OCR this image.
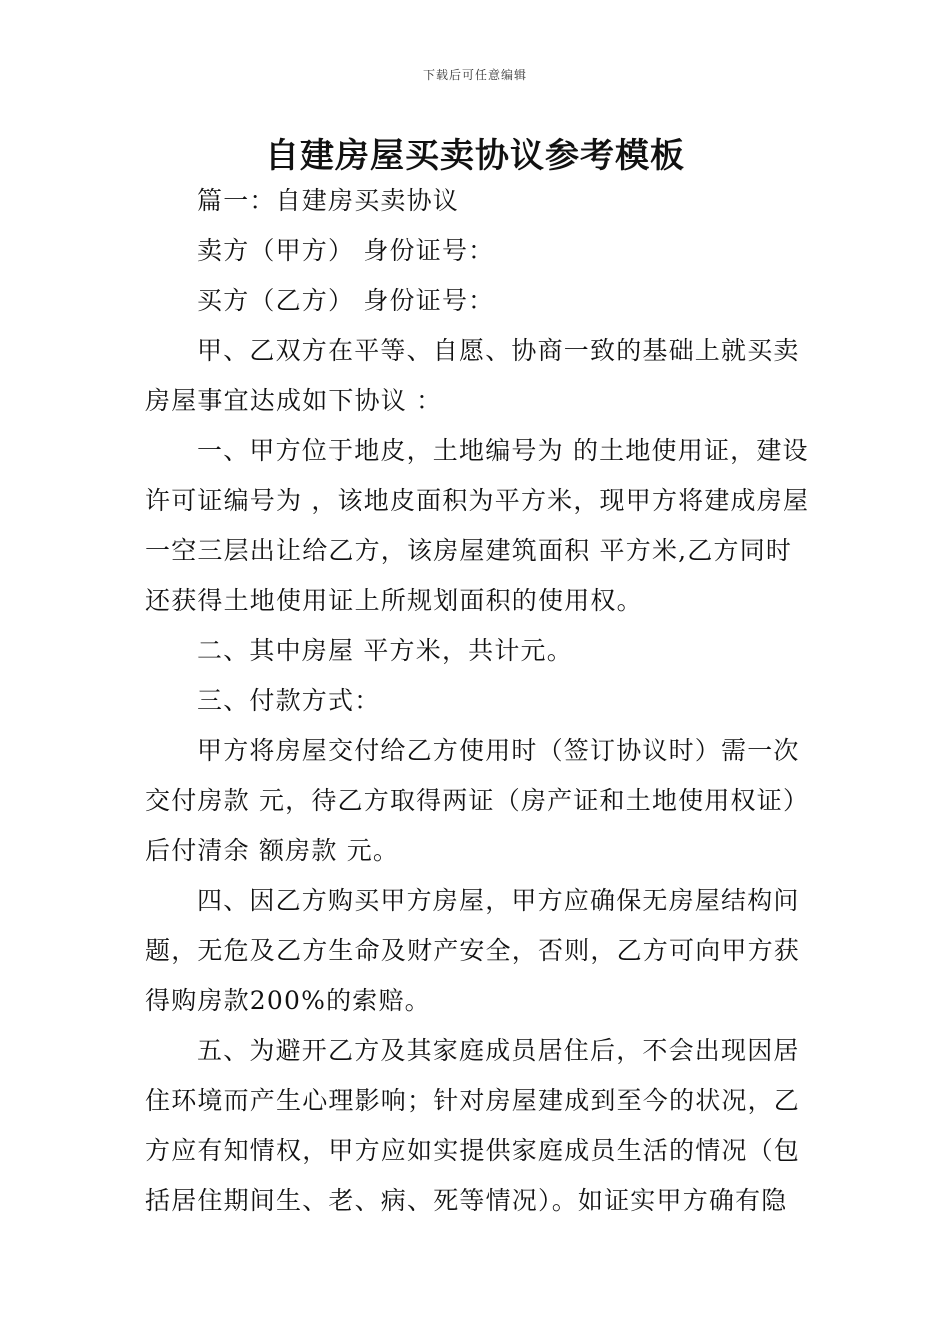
下载后可任意编辑
自建房屋买卖协议参考模板

篇一：自建房买卖协议

卖方（甲方） 身份证号：

买方（乙方） 身份证号：

甲、乙双方在平等、自愿、协商一致的基础上就买卖房屋事宜达成如下协议 ：

一、甲方位于地皮，土地编号为 的土地使用证，建设许可证编号为 ，该地皮面积为平方米，现甲方将建成房屋一空三层出让给乙方，该房屋建筑面积 平方米,乙方同时还获得土地使用证上所规划面积的使用权。

二、其中房屋 平方米，共计元。

三、付款方式：

甲方将房屋交付给乙方使用时（签订协议时）需一次交付房款 元，待乙方取得两证（房产证和土地使用权证）后付清余 额房款 元。

四、因乙方购买甲方房屋，甲方应确保无房屋结构问题，无危及乙方生命及财产安全，否则，乙方可向甲方获得购房款200%的索赔。

五、为避开乙方及其家庭成员居住后，不会出现因居住环境而产生心理影响；针对房屋建成到至今的状况，乙方应有知情权，甲方应如实提供家庭成员生活的情况（包括居住期间生、老、病、死等情况）。如证实甲方确有隐
